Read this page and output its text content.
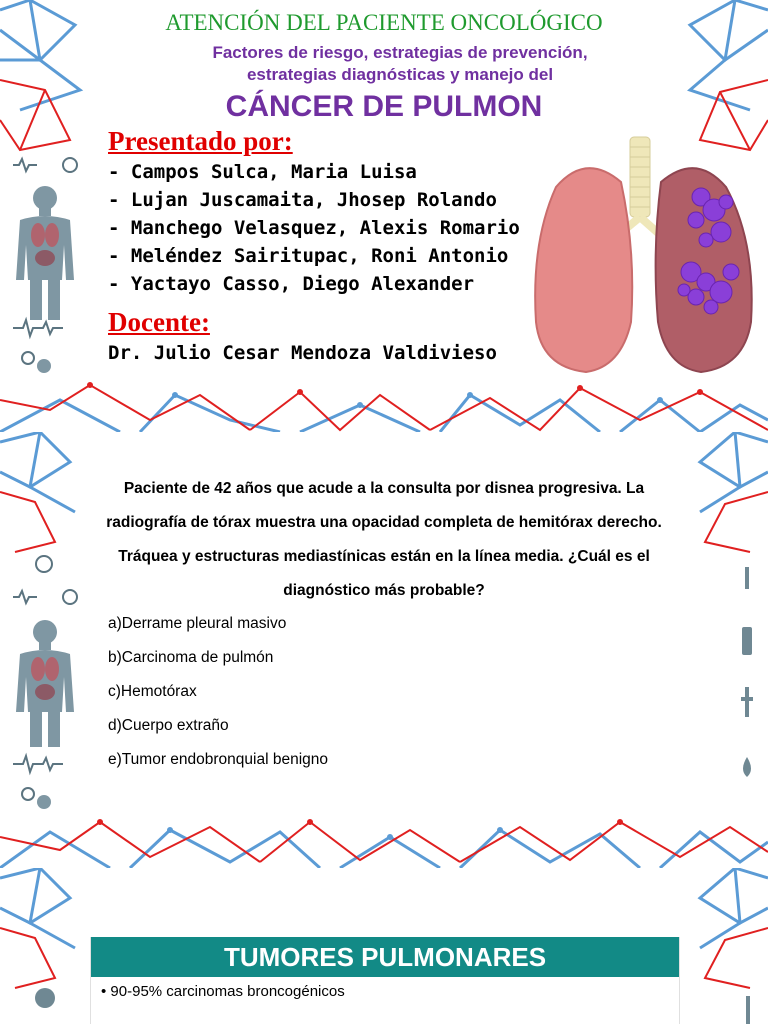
ATENCIÓN DEL PACIENTE ONCOLÓGICO
Factores de riesgo, estrategias de prevención,
estrategias diagnósticas y manejo del
CÁNCER DE PULMON
Presentado por:
- Campos Sulca, Maria Luisa
- Lujan Juscamaita, Jhosep Rolando
- Manchego Velasquez, Alexis Romario
- Meléndez Sairitupac, Roni Antonio
- Yactayo Casso, Diego Alexander
Docente:
Dr. Julio Cesar Mendoza Valdivieso
Paciente de 42 años que acude a la consulta por disnea progresiva. La radiografía de tórax muestra una opacidad completa de hemitórax derecho. Tráquea y estructuras mediastínicas están en la línea media. ¿Cuál es el diagnóstico más probable?
a)Derrame pleural masivo
b)Carcinoma de pulmón
c)Hemotórax
d)Cuerpo extraño
e)Tumor endobronquial benigno
TUMORES PULMONARES
• 90-95% carcinomas broncogénicos
